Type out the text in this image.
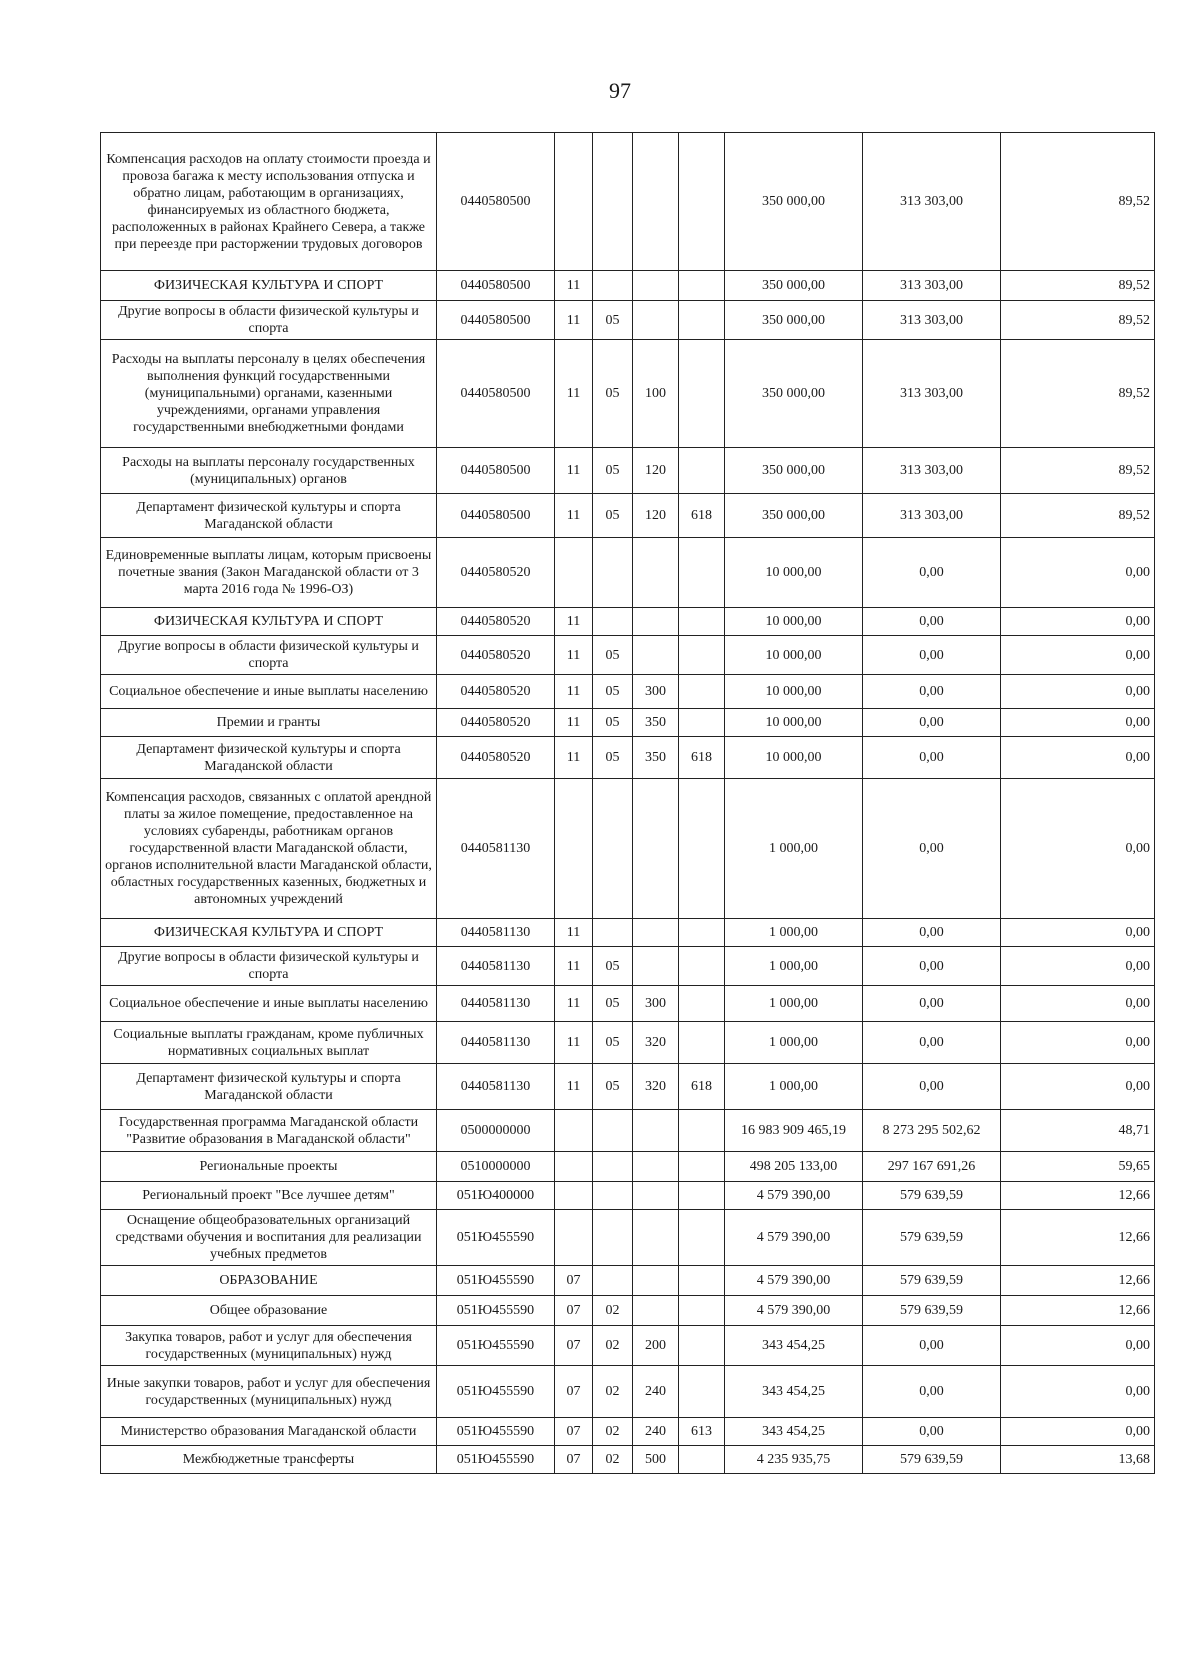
97
Компенсация расходов на оплату стоимости проезда и провоза багажа к месту использования отпуска и обратно лицам, работающим в организациях, финансируемых из областного бюджета, расположенных в районах Крайнего Севера, а также при переезде при расторжении трудовых договоров	0440580500					350 000,00	313 303,00	89,52
ФИЗИЧЕСКАЯ КУЛЬТУРА И СПОРТ	0440580500	11				350 000,00	313 303,00	89,52
Другие вопросы в области физической культуры и спорта	0440580500	11	05			350 000,00	313 303,00	89,52
Расходы на выплаты персоналу в целях обеспечения выполнения функций государственными (муниципальными) органами, казенными учреждениями, органами управления государственными внебюджетными фондами	0440580500	11	05	100		350 000,00	313 303,00	89,52
Расходы на выплаты персоналу государственных (муниципальных) органов	0440580500	11	05	120		350 000,00	313 303,00	89,52
Департамент физической культуры и спорта Магаданской области	0440580500	11	05	120	618	350 000,00	313 303,00	89,52
Единовременные выплаты лицам, которым присвоены почетные звания (Закон Магаданской области от 3 марта 2016 года № 1996-ОЗ)	0440580520					10 000,00	0,00	0,00
ФИЗИЧЕСКАЯ КУЛЬТУРА И СПОРТ	0440580520	11				10 000,00	0,00	0,00
Другие вопросы в области физической культуры и спорта	0440580520	11	05			10 000,00	0,00	0,00
Социальное обеспечение и иные выплаты населению	0440580520	11	05	300		10 000,00	0,00	0,00
Премии и гранты	0440580520	11	05	350		10 000,00	0,00	0,00
Департамент физической культуры и спорта Магаданской области	0440580520	11	05	350	618	10 000,00	0,00	0,00
Компенсация расходов, связанных с оплатой арендной платы за жилое помещение, предоставленное на условиях субаренды, работникам органов государственной власти Магаданской области, органов исполнительной власти Магаданской области, областных государственных казенных, бюджетных и автономных учреждений	0440581130					1 000,00	0,00	0,00
ФИЗИЧЕСКАЯ КУЛЬТУРА И СПОРТ	0440581130	11				1 000,00	0,00	0,00
Другие вопросы в области физической культуры и спорта	0440581130	11	05			1 000,00	0,00	0,00
Социальное обеспечение и иные выплаты населению	0440581130	11	05	300		1 000,00	0,00	0,00
Социальные выплаты гражданам, кроме публичных нормативных социальных выплат	0440581130	11	05	320		1 000,00	0,00	0,00
Департамент физической культуры и спорта Магаданской области	0440581130	11	05	320	618	1 000,00	0,00	0,00
Государственная программа Магаданской области "Развитие образования в Магаданской области"	0500000000					16 983 909 465,19	8 273 295 502,62	48,71
Региональные проекты	0510000000					498 205 133,00	297 167 691,26	59,65
Региональный проект "Все лучшее детям"	051Ю400000					4 579 390,00	579 639,59	12,66
Оснащение общеобразовательных организаций средствами обучения и воспитания для реализации учебных предметов	051Ю455590					4 579 390,00	579 639,59	12,66
ОБРАЗОВАНИЕ	051Ю455590	07				4 579 390,00	579 639,59	12,66
Общее образование	051Ю455590	07	02			4 579 390,00	579 639,59	12,66
Закупка товаров, работ и услуг для обеспечения государственных (муниципальных) нужд	051Ю455590	07	02	200		343 454,25	0,00	0,00
Иные закупки товаров, работ и услуг для обеспечения государственных (муниципальных) нужд	051Ю455590	07	02	240		343 454,25	0,00	0,00
Министерство образования Магаданской области	051Ю455590	07	02	240	613	343 454,25	0,00	0,00
Межбюджетные трансферты	051Ю455590	07	02	500		4 235 935,75	579 639,59	13,68
